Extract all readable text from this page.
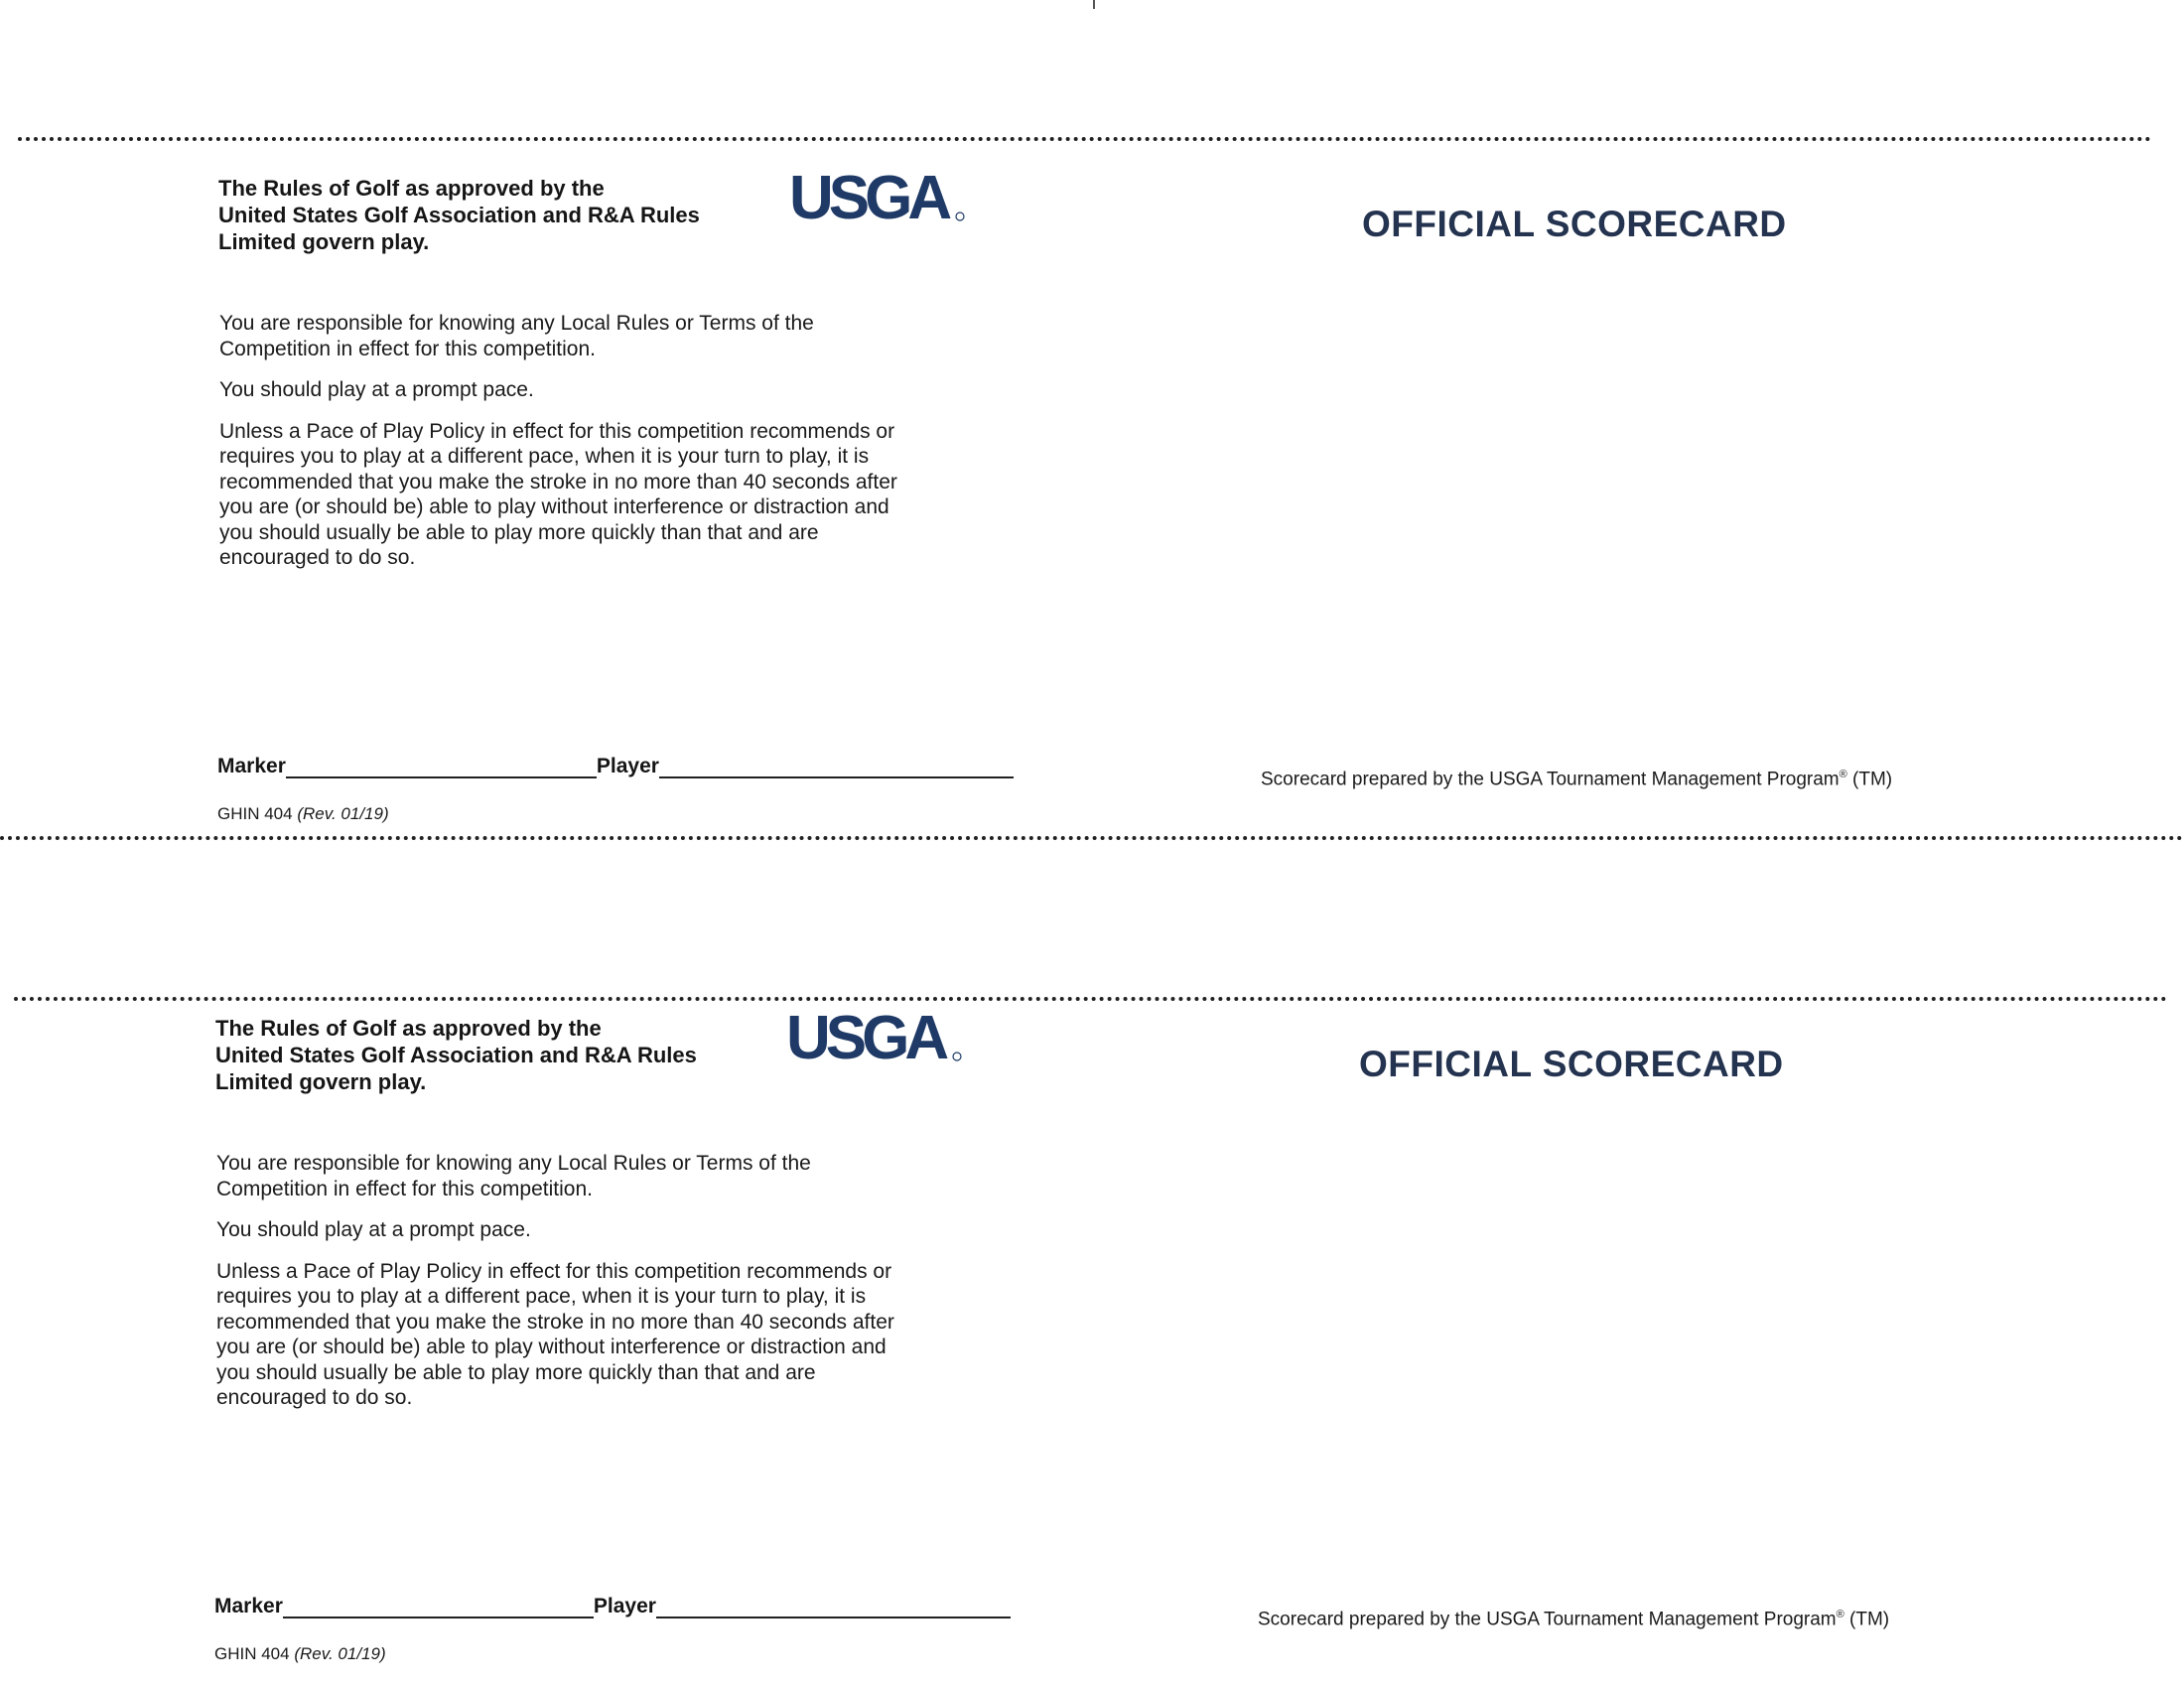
The Rules of Golf as approved by the
United States Golf Association and R&A Rules
Limited govern play.
USGA	OFFICIAL SCORECARD

You are responsible for knowing any Local Rules or Terms of the
Competition in effect for this competition.

You should play at a prompt pace.

Unless a Pace of Play Policy in effect for this competition recommends or
requires you to play at a different pace, when it is your turn to play, it is
recommended that you make the stroke in no more than 40 seconds after
you are (or should be) able to play without interference or distraction and
you should usually be able to play more quickly than that and are
encouraged to do so.

Marker	Player
GHIN 404 (Rev. 01/19)
Scorecard prepared by the USGA Tournament Management Program® (TM)
The Rules of Golf as approved by the
United States Golf Association and R&A Rules
Limited govern play.
USGA	OFFICIAL SCORECARD

You are responsible for knowing any Local Rules or Terms of the
Competition in effect for this competition.

You should play at a prompt pace.

Unless a Pace of Play Policy in effect for this competition recommends or
requires you to play at a different pace, when it is your turn to play, it is
recommended that you make the stroke in no more than 40 seconds after
you are (or should be) able to play without interference or distraction and
you should usually be able to play more quickly than that and are
encouraged to do so.

Marker	Player
GHIN 404 (Rev. 01/19)
Scorecard prepared by the USGA Tournament Management Program® (TM)
